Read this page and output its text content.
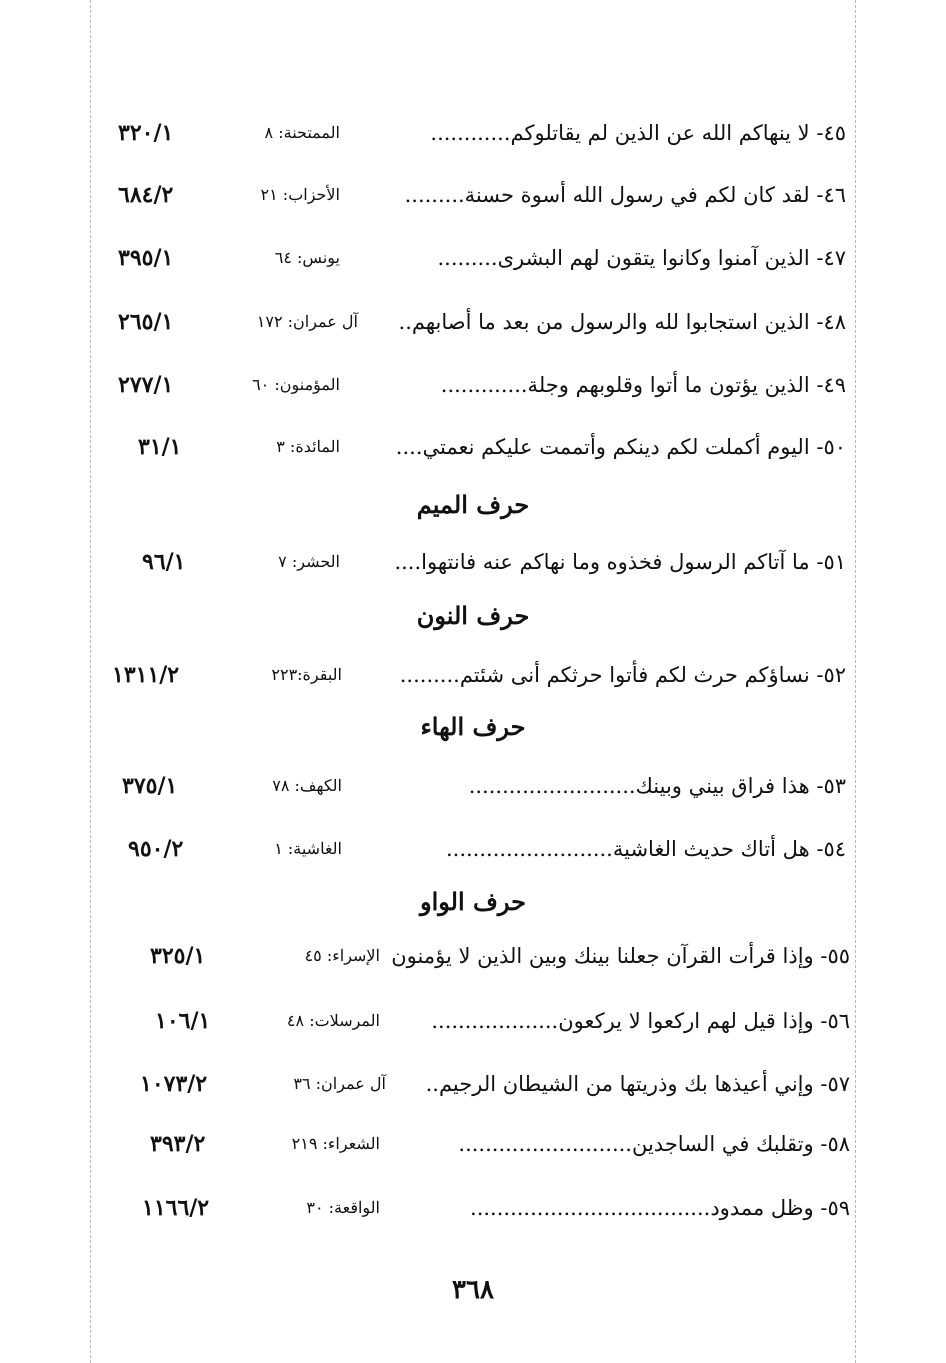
٤٥- لا ينهاكم الله عن الذين لم يقاتلوكم............
الممتحنة: ٨
٣٢٠/١
٤٦- لقد كان لكم في رسول الله أسوة حسنة.........
الأحزاب: ٢١
٦٨٤/٢
٤٧- الذين آمنوا وكانوا يتقون لهم البشرى.........
يونس: ٦٤
٣٩٥/١
٤٨- الذين استجابوا لله والرسول من بعد ما أصابهم..
آل عمران: ١٧٢
٢٦٥/١
٤٩- الذين يؤتون ما أتوا وقلوبهم وجلة.............
المؤمنون: ٦٠
٢٧٧/١
٥٠- اليوم أكملت لكم دينكم وأتممت عليكم نعمتي....
المائدة: ٣
٣١/١
حرف الميم
٥١- ما آتاكم الرسول فخذوه وما نهاكم عنه فانتهوا....
الحشر: ٧
٩٦/١
حرف النون
٥٢- نساؤكم حرث لكم فأتوا حرثكم أنى شئتم.........
البقرة:٢٢٣
١٣١١/٢
حرف الهاء
٥٣- هذا فراق بيني وبينك.........................
الكهف: ٧٨
٣٧٥/١
٥٤- هل أتاك حديث الغاشية.........................
الغاشية: ١
٩٥٠/٢
حرف الواو
٥٥- وإذا قرأت القرآن جعلنا بينك وبين الذين لا يؤمنون
الإسراء: ٤٥
٣٢٥/١
٥٦- وإذا قيل لهم اركعوا لا يركعون...................
المرسلات: ٤٨
١٠٦/١
٥٧- وإني أعيذها بك وذريتها من الشيطان الرجيم..
آل عمران: ٣٦
١٠٧٣/٢
٥٨- وتقلبك في الساجدين..........................
الشعراء: ٢١٩
٣٩٣/٢
٥٩- وظل ممدود....................................
الواقعة: ٣٠
١١٦٦/٢
٣٦٨
